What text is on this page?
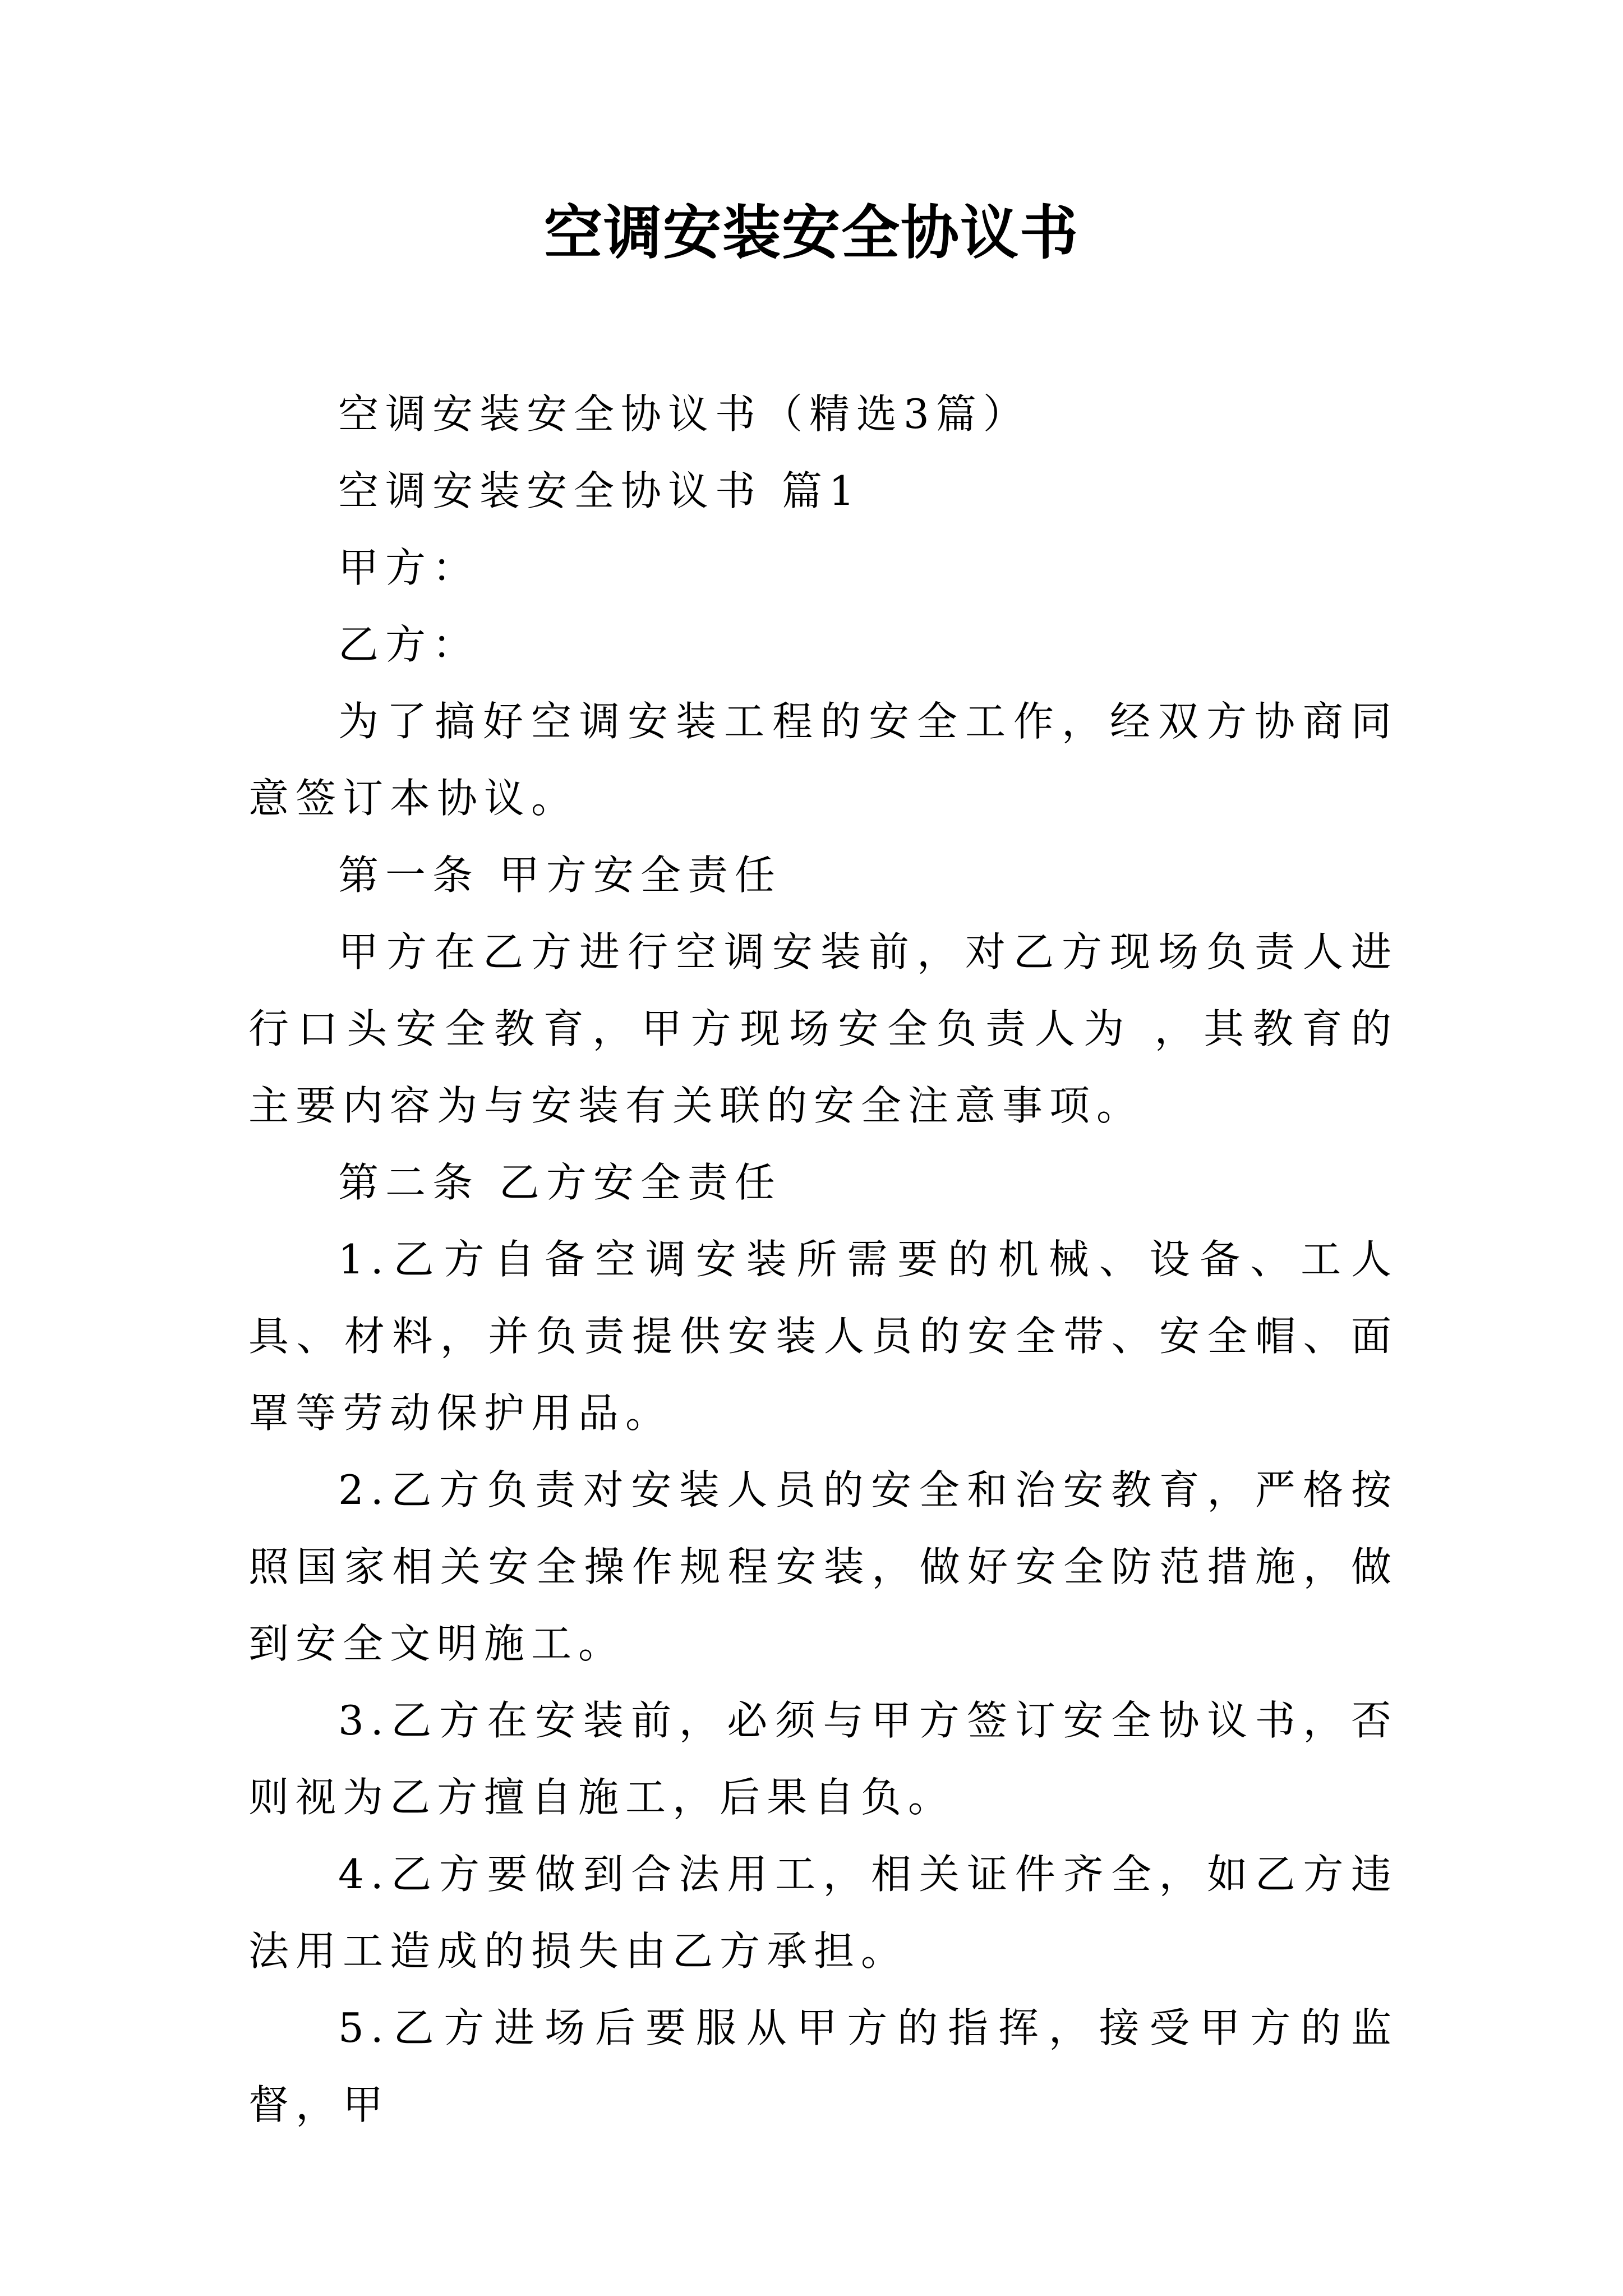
空调安装安全协议书

空调安装安全协议书（精选3篇）

空调安装安全协议书 篇1

甲方：

乙方：

为了搞好空调安装工程的安全工作，经双方协商同意签订本协议。

第一条 甲方安全责任

甲方在乙方进行空调安装前，对乙方现场负责人进行口头安全教育，甲方现场安全负责人为 ，其教育的主要内容为与安装有关联的安全注意事项。

第二条 乙方安全责任

1.乙方自备空调安装所需要的机械、设备、工人具、材料，并负责提供安装人员的安全带、安全帽、面罩等劳动保护用品。

2.乙方负责对安装人员的安全和治安教育，严格按照国家相关安全操作规程安装，做好安全防范措施，做到安全文明施工。

3.乙方在安装前，必须与甲方签订安全协议书，否则视为乙方擅自施工，后果自负。

4.乙方要做到合法用工，相关证件齐全，如乙方违法用工造成的损失由乙方承担。

5.乙方进场后要服从甲方的指挥，接受甲方的监督，甲
